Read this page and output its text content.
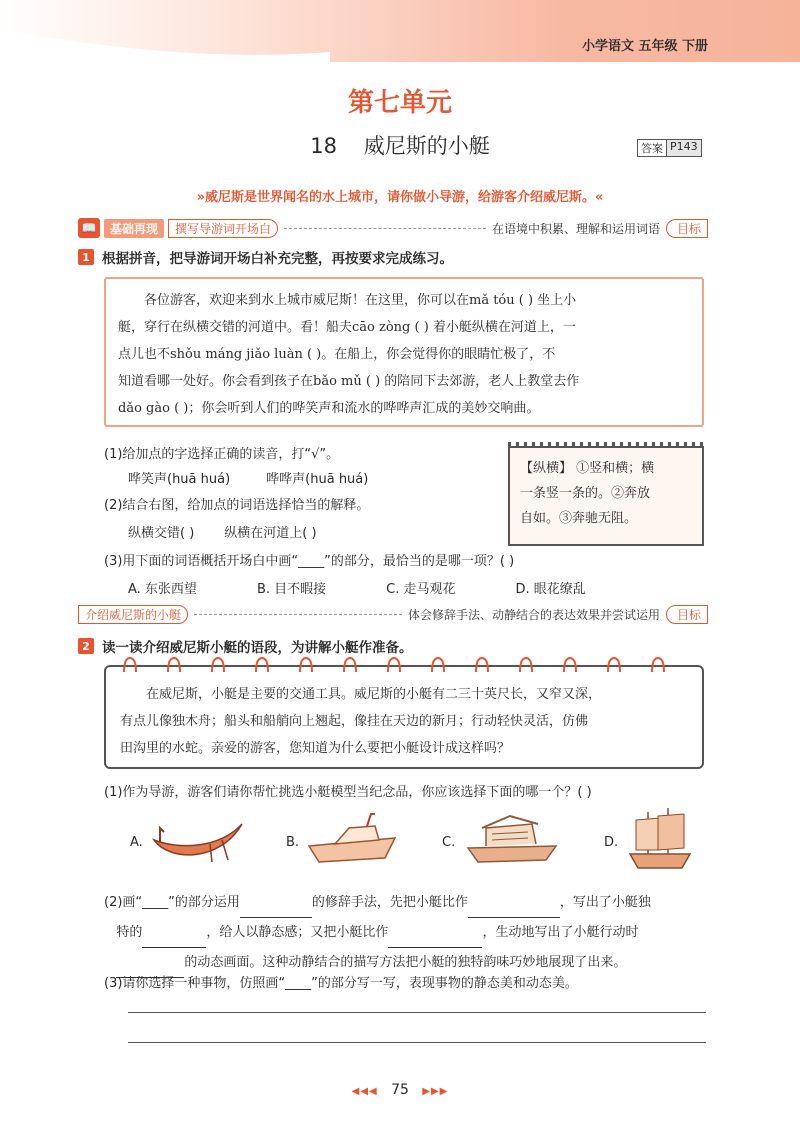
小学语文 五年级 下册
第七单元
18 威尼斯的小艇	答案 P143
»威尼斯是世界闻名的水上城市，请你做小导游，给游客介绍威尼斯。«
📖	基础再现	撰写导游词开场白	在语境中积累、理解和运用词语	目标
1 根据拼音，把导游词开场白补充完整，再按要求完成练习。

各位游客，欢迎来到水上城市威尼斯！在这里，你可以在mǎ tóu ( ) 坐上小

艇，穿行在纵横交错的河道中。看！船夫cāo zòng ( ) 着小艇纵横在河道上，一
点儿也不shǒu máng jiǎo luàn ( )。在船上，你会觉得你的眼睛忙极了，不
知道看哪一处好。你会看到孩子在bǎo mǔ ( ) 的陪同下去郊游，老人上教堂去作
dǎo gào ( )；你会听到人们的哗笑声和流水的哗哗声汇成的美妙交响曲。
(1)给加点的字选择正确的读音，打“√”。
哗笑声(huā huá)	哗哗声(huā huá)
(2)结合右图，给加点的词语选择恰当的解释。
纵横交错( ) 纵横在河道上( )
【纵横】 ①竖和横；横
一条竖一条的。②奔放
自如。③奔驰无阻。
(3)用下面的词语概括开场白中画“____”的部分，最恰当的是哪一项？( )
A. 东张西望	B. 目不暇接	C. 走马观花	D. 眼花缭乱
介绍威尼斯的小艇	体会修辞手法、动静结合的表达效果并尝试运用	目标
2 读一读介绍威尼斯小艇的语段，为讲解小艇作准备。

在威尼斯，小艇是主要的交通工具。威尼斯的小艇有二三十英尺长，又窄又深，

有点儿像独木舟；船头和船艄向上翘起，像挂在天边的新月；行动轻快灵活，仿佛
田沟里的水蛇。亲爱的游客，您知道为什么要把小艇设计成这样吗？
(1)作为导游，游客们请你帮忙挑选小艇模型当纪念品，你应该选择下面的哪一个？( )
A.	B.	C.	D.
(2)画“____”的部分运用	的修辞手法，先把小艇比作	，写出了小艇独
特的	，给人以静态感；又把小艇比作	，生动地写出了小艇行动时
的动态画面。这种动静结合的描写方法把小艇的独特韵味巧妙地展现了出来。
(3)请你选择一种事物，仿照画“____”的部分写一写，表现事物的静态美和动态美。
◀◀◀ 75 ▶▶▶
